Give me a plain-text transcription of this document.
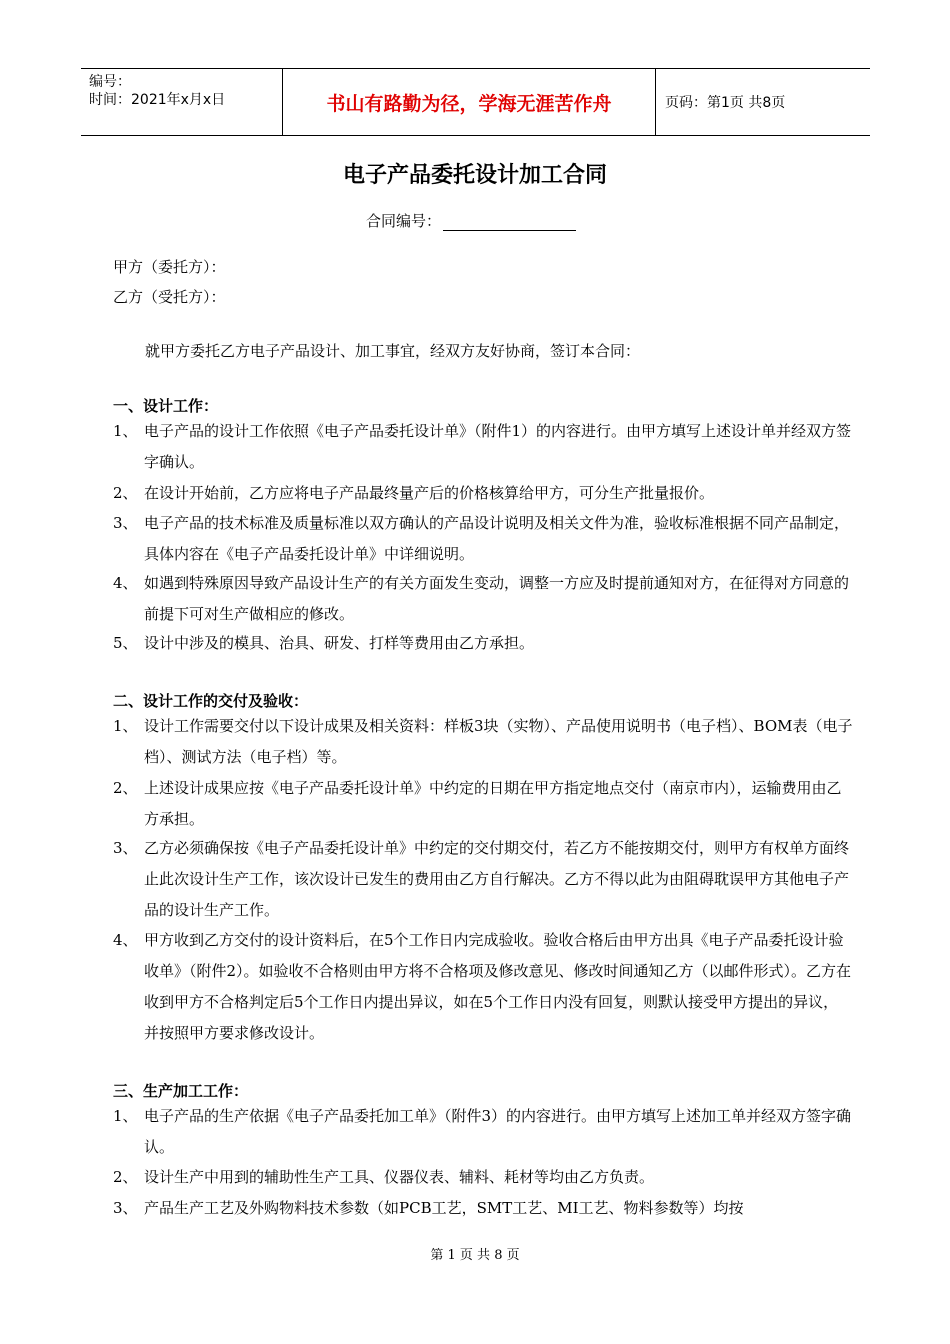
编号：
时间：2021年x月x日	书山有路勤为径，学海无涯苦作舟	页码：第1页 共8页
电子产品委托设计加工合同
合同编号：
甲方（委托方）：
乙方（受托方）：
就甲方委托乙方电子产品设计、加工事宜，经双方友好协商，签订本合同：
一、设计工作：
1、 电子产品的设计工作依照《电子产品委托设计单》（附件1）的内容进行。由甲方填写上述设计单并经双方签字确认。
2、 在设计开始前，乙方应将电子产品最终量产后的价格核算给甲方，可分生产批量报价。
3、 电子产品的技术标准及质量标准以双方确认的产品设计说明及相关文件为准，验收标准根据不同产品制定，具体内容在《电子产品委托设计单》中详细说明。
4、 如遇到特殊原因导致产品设计生产的有关方面发生变动，调整一方应及时提前通知对方，在征得对方同意的前提下可对生产做相应的修改。
5、 设计中涉及的模具、治具、研发、打样等费用由乙方承担。
二、设计工作的交付及验收：
1、 设计工作需要交付以下设计成果及相关资料：样板3块（实物）、产品使用说明书（电子档）、BOM表（电子档）、测试方法（电子档）等。
2、 上述设计成果应按《电子产品委托设计单》中约定的日期在甲方指定地点交付（南京市内），运输费用由乙方承担。
3、 乙方必须确保按《电子产品委托设计单》中约定的交付期交付，若乙方不能按期交付，则甲方有权单方面终止此次设计生产工作，该次设计已发生的费用由乙方自行解决。乙方不得以此为由阻碍耽误甲方其他电子产品的设计生产工作。
4、 甲方收到乙方交付的设计资料后，在5个工作日内完成验收。验收合格后由甲方出具《电子产品委托设计验收单》（附件2）。如验收不合格则由甲方将不合格项及修改意见、修改时间通知乙方（以邮件形式）。乙方在收到甲方不合格判定后5个工作日内提出异议，如在5个工作日内没有回复，则默认接受甲方提出的异议，并按照甲方要求修改设计。
三、生产加工工作：
1、 电子产品的生产依据《电子产品委托加工单》（附件3）的内容进行。由甲方填写上述加工单并经双方签字确认。
2、 设计生产中用到的辅助性生产工具、仪器仪表、辅料、耗材等均由乙方负责。
3、 产品生产工艺及外购物料技术参数（如PCB工艺，SMT工艺、MI工艺、物料参数等）均按
第 1 页 共 8 页
